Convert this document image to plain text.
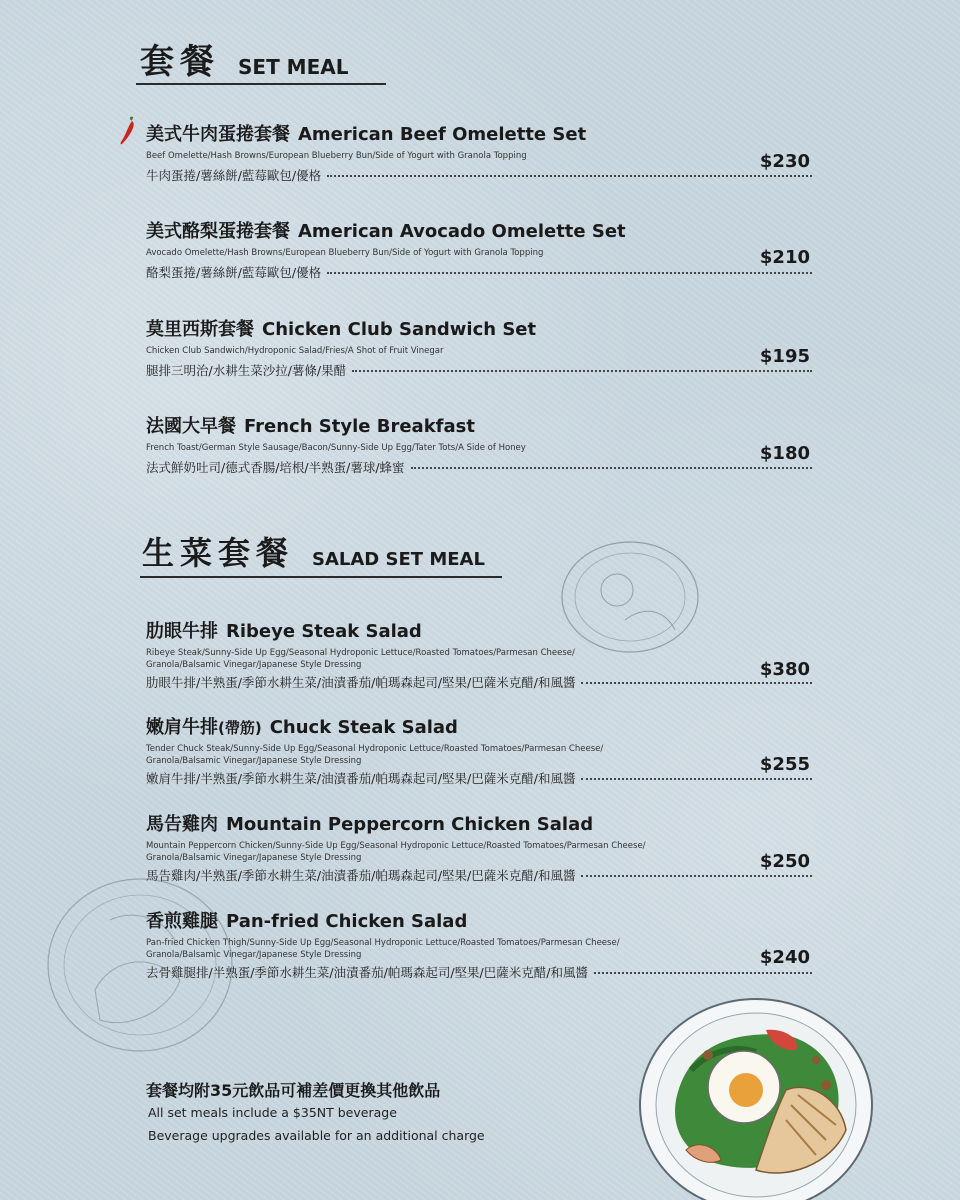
套餐 SET MEAL
美式牛肉蛋捲套餐 American Beef Omelette Set
Beef Omelette/Hash Browns/European Blueberry Bun/Side of Yogurt with Granola Topping
牛肉蛋捲/薯絲餅/藍莓歐包/優格
$230
美式酪梨蛋捲套餐 American Avocado Omelette Set
Avocado Omelette/Hash Browns/European Blueberry Bun/Side of Yogurt with Granola Topping
酪梨蛋捲/薯絲餅/藍莓歐包/優格
$210
莫里西斯套餐 Chicken Club Sandwich Set
Chicken Club Sandwich/Hydroponic Salad/Fries/A Shot of Fruit Vinegar
腿排三明治/水耕生菜沙拉/薯條/果醋
$195
法國大早餐 French Style Breakfast
French Toast/German Style Sausage/Bacon/Sunny-Side Up Egg/Tater Tots/A Side of Honey
法式鮮奶吐司/德式香腸/培根/半熟蛋/薯球/蜂蜜
$180
生菜套餐 SALAD SET MEAL
肋眼牛排 Ribeye Steak Salad
Ribeye Steak/Sunny-Side Up Egg/Seasonal Hydroponic Lettuce/Roasted Tomatoes/Parmesan Cheese/
Granola/Balsamic Vinegar/Japanese Style Dressing
肋眼牛排/半熟蛋/季節水耕生菜/油漬番茄/帕瑪森起司/堅果/巴薩米克醋/和風醬
$380
嫩肩牛排(帶筋) Chuck Steak Salad
Tender Chuck Steak/Sunny-Side Up Egg/Seasonal Hydroponic Lettuce/Roasted Tomatoes/Parmesan Cheese/
Granola/Balsamic Vinegar/Japanese Style Dressing
嫩肩牛排/半熟蛋/季節水耕生菜/油漬番茄/帕瑪森起司/堅果/巴薩米克醋/和風醬
$255
馬告雞肉 Mountain Peppercorn Chicken Salad
Mountain Peppercorn Chicken/Sunny-Side Up Egg/Seasonal Hydroponic Lettuce/Roasted Tomatoes/Parmesan Cheese/
Granola/Balsamic Vinegar/Japanese Style Dressing
馬告雞肉/半熟蛋/季節水耕生菜/油漬番茄/帕瑪森起司/堅果/巴薩米克醋/和風醬
$250
香煎雞腿 Pan-fried Chicken Salad
Pan-fried Chicken Thigh/Sunny-Side Up Egg/Seasonal Hydroponic Lettuce/Roasted Tomatoes/Parmesan Cheese/
Granola/Balsamic Vinegar/Japanese Style Dressing
去骨雞腿排/半熟蛋/季節水耕生菜/油漬番茄/帕瑪森起司/堅果/巴薩米克醋/和風醬
$240
套餐均附35元飲品可補差價更換其他飲品
All set meals include a $35NT beverage
Beverage upgrades available for an additional charge
